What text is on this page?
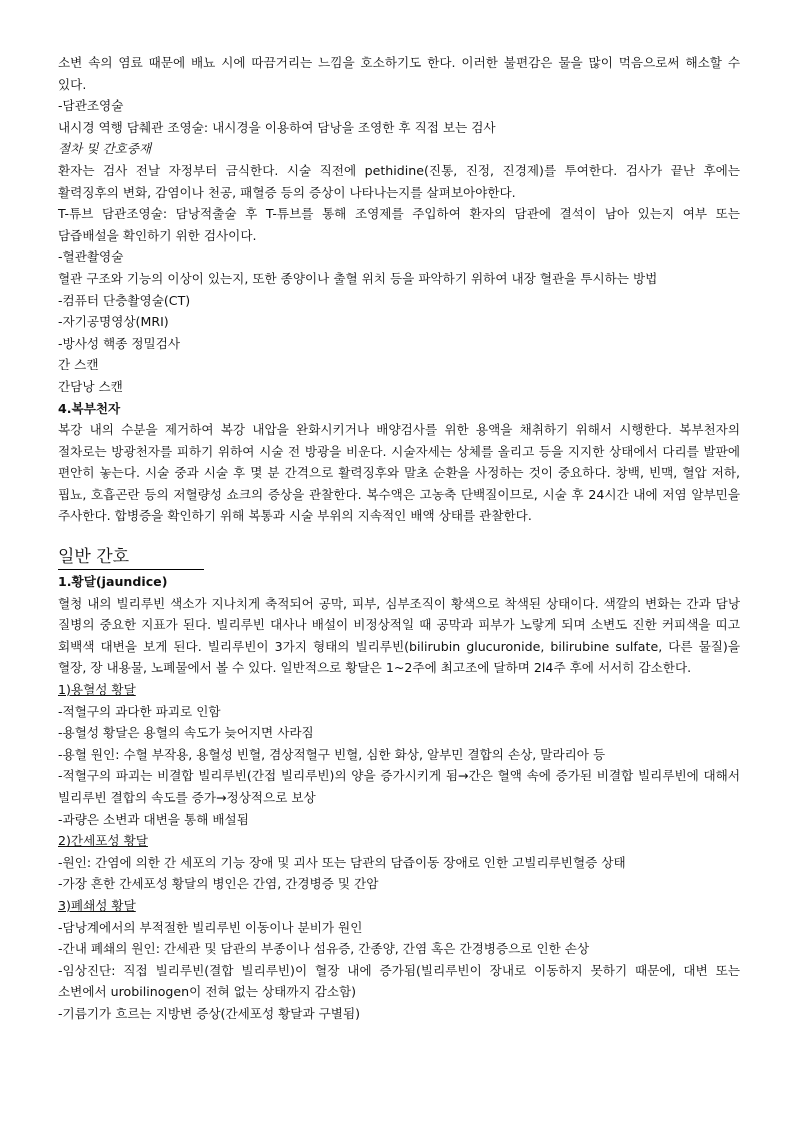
소변 속의 염료 때문에 배뇨 시에 따끔거리는 느낌을 호소하기도 한다. 이러한 불편감은 물을 많이 먹음으로써 해소할 수 있다.

-담관조영술

내시경 역행 담췌관 조영술: 내시경을 이용하여 담낭을 조영한 후 직접 보는 검사

절차 및 간호중재

환자는 검사 전날 자정부터 금식한다. 시술 직전에 pethidine(진통, 진정, 진경제)를 투여한다. 검사가 끝난 후에는 활력징후의 변화, 감염이나 천공, 패혈증 등의 증상이 나타나는지를 살펴보아야한다.

T-튜브 담관조영술: 담낭적출술 후 T-튜브를 통해 조영제를 주입하여 환자의 담관에 결석이 남아 있는지 여부 또는 담즙배설을 확인하기 위한 검사이다.

-혈관촬영술

혈관 구조와 기능의 이상이 있는지, 또한 종양이나 출혈 위치 등을 파악하기 위하여 내장 혈관을 투시하는 방법

-컴퓨터 단층촬영술(CT)

-자기공명영상(MRI)

-방사성 핵종 정밀검사

간 스캔

간담낭 스캔

4.복부천자

복강 내의 수분을 제거하여 복강 내압을 완화시키거나 배양검사를 위한 용액을 채취하기 위해서 시행한다. 복부천자의 절차로는 방광천자를 피하기 위하여 시술 전 방광을 비운다. 시술자세는 상체를 올리고 등을 지지한 상태에서 다리를 발판에 편안히 놓는다. 시술 중과 시술 후 몇 분 간격으로 활력징후와 말초 순환을 사정하는 것이 중요하다. 창백, 빈맥, 혈압 저하, 핍뇨, 호흡곤란 등의 저혈량성 쇼크의 증상을 관찰한다. 복수액은 고농축 단백질이므로, 시술 후 24시간 내에 저염 알부민을 주사한다. 합병증을 확인하기 위해 복통과 시술 부위의 지속적인 배액 상태를 관찰한다.

일반 간호

1.황달(jaundice)

혈청 내의 빌리루빈 색소가 지나치게 축적되어 공막, 피부, 심부조직이 황색으로 착색된 상태이다. 색깔의 변화는 간과 담낭 질병의 중요한 지표가 된다. 빌리루빈 대사나 배설이 비정상적일 때 공막과 피부가 노랗게 되며 소변도 진한 커피색을 띠고 회백색 대변을 보게 된다. 빌리루빈이 3가지 형태의 빌리루빈(bilirubin glucuronide, bilirubine sulfate, 다른 물질)을 혈장, 장 내용물, 노폐물에서 볼 수 있다. 일반적으로 황달은 1~2주에 최고조에 달하며 2l4주 후에 서서히 감소한다.

1)용혈성 황달

-적혈구의 과다한 파괴로 인함

-용혈성 황달은 용혈의 속도가 늦어지면 사라짐

-용혈 원인: 수혈 부작용, 용혈성 빈혈, 겸상적혈구 빈혈, 심한 화상, 알부민 결합의 손상, 말라리아 등

-적혈구의 파괴는 비결합 빌리루빈(간접 빌리루빈)의 양을 증가시키게 됨→간은 혈액 속에 증가된 비결합 빌리루빈에 대해서 빌리루빈 결합의 속도를 증가→정상적으로 보상

-과량은 소변과 대변을 통해 배설됨

2)간세포성 황달

-원인: 간염에 의한 간 세포의 기능 장애 및 괴사 또는 담관의 담즙이동 장애로 인한 고빌리루빈혈증 상태

-가장 흔한 간세포성 황달의 병인은 간염, 간경병증 및 간암

3)폐쇄성 황달

-담낭계에서의 부적절한 빌리루빈 이동이나 분비가 원인

-간내 폐쇄의 원인: 간세관 및 담관의 부종이나 섬유증, 간종양, 간염 혹은 간경병증으로 인한 손상

-임상진단: 직접 빌리루빈(결합 빌리루빈)이 혈장 내에 증가됨(빌리루빈이 장내로 이동하지 못하기 때문에, 대변 또는 소변에서 urobilinogen이 전혀 없는 상태까지 감소함)

-기름기가 흐르는 지방변 증상(간세포성 황달과 구별됨)
